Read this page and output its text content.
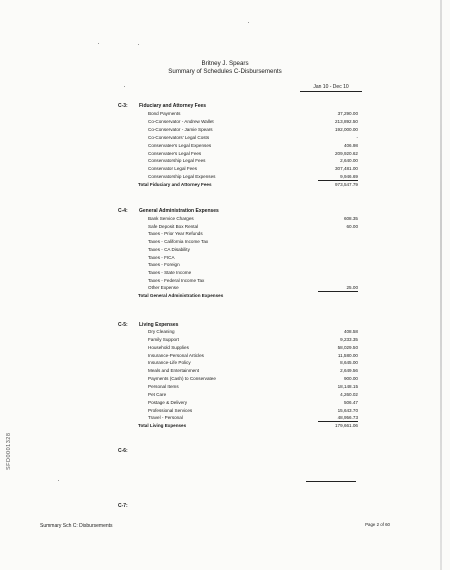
Britney J. Spears
Summary of Schedules C-Disbursements
Jan 10 - Dec 10
C-3: Fiduciary and Attorney Fees
Bond Payments	37,290.00
Co-Conservator - Andrew Wallet	213,892.50
Co-Conservator - Jamie Spears	192,000.00
Co-Conservators' Legal Costs	-
Conservatee's Legal Expenses	406.98
Conservatee's Legal Fees	209,920.62
Conservatorship Legal Fees	2,640.00
Conservator Legal Fees	307,481.00
Conservatorship Legal Expenses	9,946.69
Total Fiduciary and Attorney Fees	973,547.79
C-4: General Administration Expenses
Bank Service Charges	608.35
Safe Deposit Box Rental	60.00
Taxes - Prior Year Refunds
Taxes - California Income Tax
Taxes - CA Disability
Taxes - FICA
Taxes - Foreign
Taxes - State Income
Taxes - Federal Income Tax
Other Expense	25.00
Total General Administration Expenses
C-5: Living Expenses
Dry Cleaning	408.58
Family Support	9,233.35
Household Supplies	58,029.50
Insurance-Personal Articles	11,580.00
Insurance-Life Policy	8,645.00
Meals and Entertainment	2,649.56
Payments (Cash) to Conservatee	900.00
Personal Items	18,148.15
Pet Care	4,260.02
Postage & Delivery	506.47
Professional Services	15,643.70
Travel - Personal	48,956.73
Total Living Expenses	179,661.06
C-6:
C-7:
Summary Sch C: Disbursements	Page 2 of 60
SFD0001328
